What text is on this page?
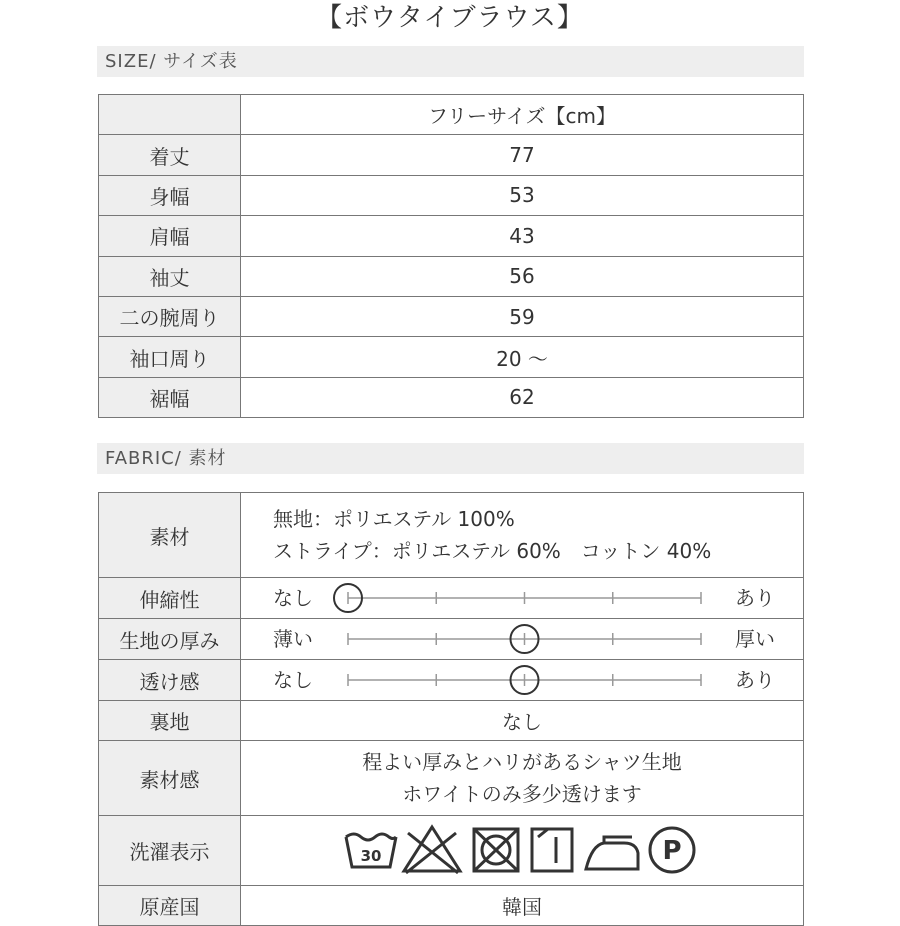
【ボウタイブラウス】
SIZE/ サイズ表
	フリーサイズ【cm】
着丈	77
身幅	53
肩幅	43
袖丈	56
二の腕周り	59
袖口周り	20 〜
裾幅	62
FABRIC/ 素材
素材	無地：ポリエステル 100%
ストライプ：ポリエステル 60%　コットン 40%

伸縮性	なし あり

生地の厚み	薄い 厚い

透け感	なし あり

裏地	なし
素材感	程よい厚みとハリがあるシャツ生地
ホワイトのみ多少透けます

洗濯表示	30 P

原産国	韓国
